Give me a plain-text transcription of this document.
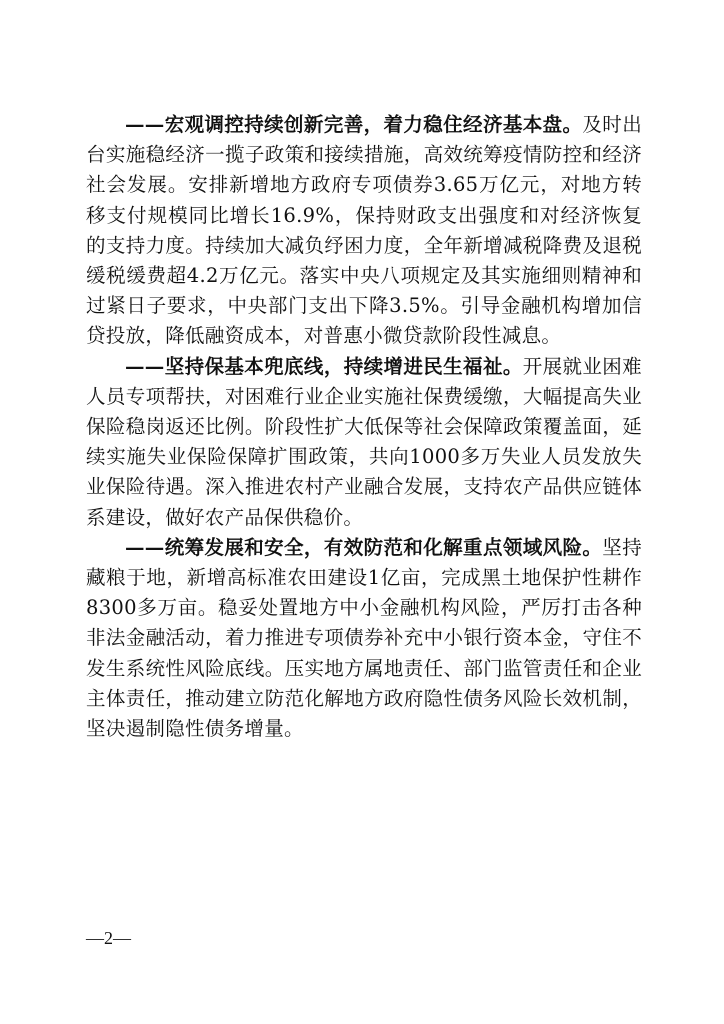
——宏观调控持续创新完善，着力稳住经济基本盘。及时出台实施稳经济一揽子政策和接续措施，高效统筹疫情防控和经济社会发展。安排新增地方政府专项债券3.65万亿元，对地方转移支付规模同比增长16.9%，保持财政支出强度和对经济恢复的支持力度。持续加大减负纾困力度，全年新增减税降费及退税缓税缓费超4.2万亿元。落实中央八项规定及其实施细则精神和过紧日子要求，中央部门支出下降3.5%。引导金融机构增加信贷投放，降低融资成本，对普惠小微贷款阶段性减息。

——坚持保基本兜底线，持续增进民生福祉。开展就业困难人员专项帮扶，对困难行业企业实施社保费缓缴，大幅提高失业保险稳岗返还比例。阶段性扩大低保等社会保障政策覆盖面，延续实施失业保险保障扩围政策，共向1000多万失业人员发放失业保险待遇。深入推进农村产业融合发展，支持农产品供应链体系建设，做好农产品保供稳价。

——统筹发展和安全，有效防范和化解重点领域风险。坚持藏粮于地，新增高标准农田建设1亿亩，完成黑土地保护性耕作8300多万亩。稳妥处置地方中小金融机构风险，严厉打击各种非法金融活动，着力推进专项债券补充中小银行资本金，守住不发生系统性风险底线。压实地方属地责任、部门监管责任和企业主体责任，推动建立防范化解地方政府隐性债务风险长效机制，坚决遏制隐性债务增量。

—2—
